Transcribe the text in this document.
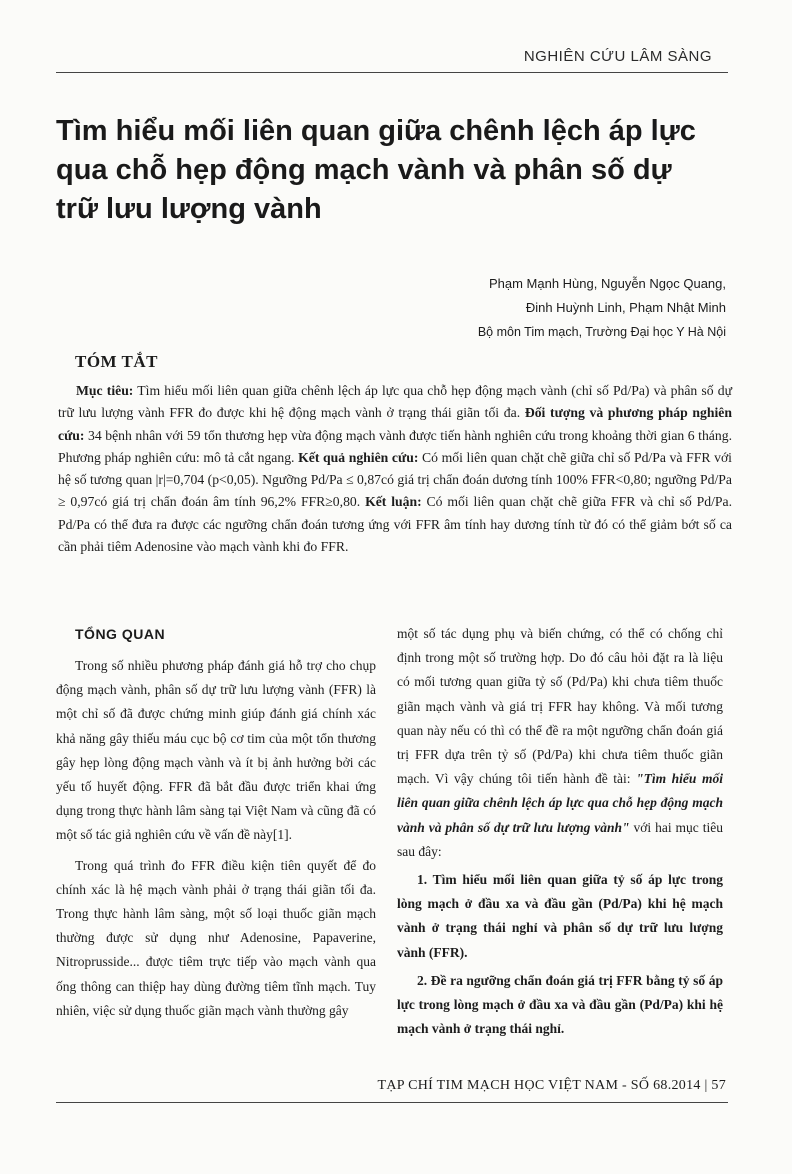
NGHIÊN CỨU LÂM SÀNG
Tìm hiểu mối liên quan giữa chênh lệch áp lực qua chỗ hẹp động mạch vành và phân số dự trữ lưu lượng vành
Phạm Mạnh Hùng, Nguyễn Ngọc Quang,
Đinh Huỳnh Linh, Phạm Nhật Minh
Bộ môn Tim mạch, Trường Đại học Y Hà Nội
TÓM TẮT

Mục tiêu: Tìm hiểu mối liên quan giữa chênh lệch áp lực qua chỗ hẹp động mạch vành (chỉ số Pd/Pa) và phân số dự trữ lưu lượng vành FFR đo được khi hệ động mạch vành ở trạng thái giãn tối đa. Đối tượng và phương pháp nghiên cứu: 34 bệnh nhân với 59 tổn thương hẹp vừa động mạch vành được tiến hành nghiên cứu trong khoảng thời gian 6 tháng. Phương pháp nghiên cứu: mô tả cắt ngang. Kết quả nghiên cứu: Có mối liên quan chặt chẽ giữa chỉ số Pd/Pa và FFR với hệ số tương quan |r|=0,704 (p<0,05). Ngưỡng Pd/Pa ≤ 0,87có giá trị chẩn đoán dương tính 100% FFR<0,80; ngưỡng Pd/Pa ≥ 0,97có giá trị chẩn đoán âm tính 96,2% FFR≥0,80. Kết luận: Có mối liên quan chặt chẽ giữa FFR và chỉ số Pd/Pa. Pd/Pa có thể đưa ra được các ngưỡng chẩn đoán tương ứng với FFR âm tính hay dương tính từ đó có thể giảm bớt số ca cần phải tiêm Adenosine vào mạch vành khi đo FFR.

TỔNG QUAN

Trong số nhiều phương pháp đánh giá hỗ trợ cho chụp động mạch vành, phân số dự trữ lưu lượng vành (FFR) là một chỉ số đã được chứng minh giúp đánh giá chính xác khả năng gây thiếu máu cục bộ cơ tim của một tổn thương gây hẹp lòng động mạch vành và ít bị ảnh hưởng bởi các yếu tố huyết động. FFR đã bắt đầu được triển khai ứng dụng trong thực hành lâm sàng tại Việt Nam và cũng đã có một số tác giả nghiên cứu về vấn đề này[1].

Trong quá trình đo FFR điều kiện tiên quyết để đo chính xác là hệ mạch vành phải ở trạng thái giãn tối đa. Trong thực hành lâm sàng, một số loại thuốc giãn mạch thường được sử dụng như Adenosine, Papaverine, Nitroprusside... được tiêm trực tiếp vào mạch vành qua ống thông can thiệp hay dùng đường tiêm tĩnh mạch. Tuy nhiên, việc sử dụng thuốc giãn mạch vành thường gây

một số tác dụng phụ và biến chứng, có thể có chống chỉ định trong một số trường hợp. Do đó câu hỏi đặt ra là liệu có mối tương quan giữa tỷ số (Pd/Pa) khi chưa tiêm thuốc giãn mạch vành và giá trị FFR hay không. Và mối tương quan này nếu có thì có thể đề ra một ngưỡng chẩn đoán giá trị FFR dựa trên tỷ số (Pd/Pa) khi chưa tiêm thuốc giãn mạch. Vì vậy chúng tôi tiến hành đề tài: "Tìm hiểu mối liên quan giữa chênh lệch áp lực qua chỗ hẹp động mạch vành và phân số dự trữ lưu lượng vành" với hai mục tiêu sau đây:

1. Tìm hiểu mối liên quan giữa tỷ số áp lực trong lòng mạch ở đầu xa và đầu gần (Pd/Pa) khi hệ mạch vành ở trạng thái nghỉ và phân số dự trữ lưu lượng vành (FFR).

2. Đề ra ngưỡng chẩn đoán giá trị FFR bằng tỷ số áp lực trong lòng mạch ở đầu xa và đầu gần (Pd/Pa) khi hệ mạch vành ở trạng thái nghỉ.

TẠP CHÍ TIM MẠCH HỌC VIỆT NAM - SỐ 68.2014 | 57
